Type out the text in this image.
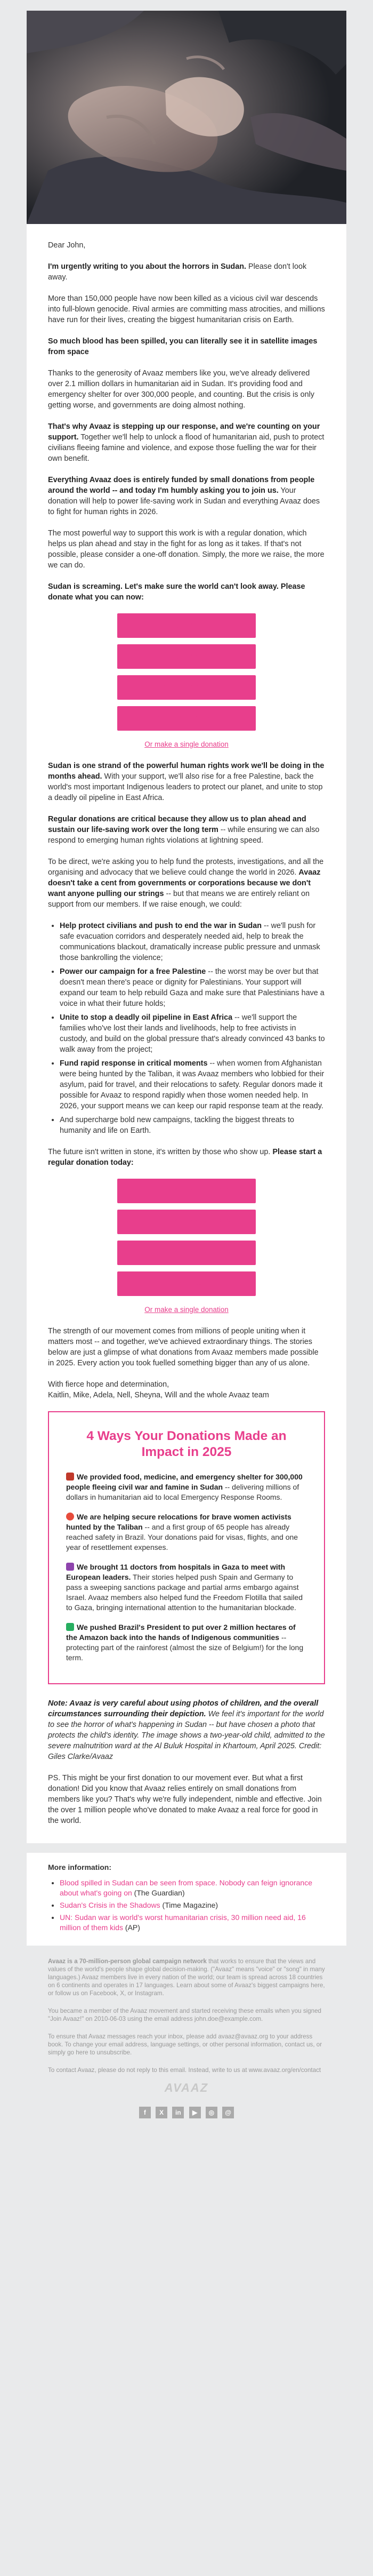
Dear John,

I'm urgently writing to you about the horrors in Sudan. Please don't look away.

More than 150,000 people have now been killed as a vicious civil war descends into full-blown genocide. Rival armies are committing mass atrocities, and millions have run for their lives, creating the biggest humanitarian crisis on Earth.

So much blood has been spilled, you can literally see it in satellite images from space

Thanks to the generosity of Avaaz members like you, we've already delivered over 2.1 million dollars in humanitarian aid in Sudan. It's providing food and emergency shelter for over 300,000 people, and counting. But the crisis is only getting worse, and governments are doing almost nothing.

That's why Avaaz is stepping up our response, and we're counting on your support. Together we'll help to unlock a flood of humanitarian aid, push to protect civilians fleeing famine and violence, and expose those fuelling the war for their own benefit.

Everything Avaaz does is entirely funded by small donations from people around the world -- and today I'm humbly asking you to join us. Your donation will help to power life-saving work in Sudan and everything Avaaz does to fight for human rights in 2026.

The most powerful way to support this work is with a regular donation, which helps us plan ahead and stay in the fight for as long as it takes. If that's not possible, please consider a one-off donation. Simply, the more we raise, the more we can do.

Sudan is screaming. Let's make sure the world can't look away. Please donate what you can now:

I'LL DONATE $1 WEEKLY
I'LL DONATE $2 WEEKLY
I'LL DONATE $3 WEEKLY
OTHER AMOUNT
Or make a single donation

Sudan is one strand of the powerful human rights work we'll be doing in the months ahead. With your support, we'll also rise for a free Palestine, back the world's most important Indigenous leaders to protect our planet, and unite to stop a deadly oil pipeline in East Africa.

Regular donations are critical because they allow us to plan ahead and sustain our life-saving work over the long term -- while ensuring we can also respond to emerging human rights violations at lightning speed.

To be direct, we're asking you to help fund the protests, investigations, and all the organising and advocacy that we believe could change the world in 2026. Avaaz doesn't take a cent from governments or corporations because we don't want anyone pulling our strings -- but that means we are entirely reliant on support from our members. If we raise enough, we could:

• Help protect civilians and push to end the war in Sudan -- we'll push for safe evacuation corridors and desperately needed aid, help to break the communications blackout, dramatically increase public pressure and unmask those bankrolling the violence;
• Power our campaign for a free Palestine -- the worst may be over but that doesn't mean there's peace or dignity for Palestinians. Your support will expand our team to help rebuild Gaza and make sure that Palestinians have a voice in what their future holds;
• Unite to stop a deadly oil pipeline in East Africa -- we'll support the families who've lost their lands and livelihoods, help to free activists in custody, and build on the global pressure that's already convinced 43 banks to walk away from the project;
• Fund rapid response in critical moments -- when women from Afghanistan were being hunted by the Taliban, it was Avaaz members who lobbied for their asylum, paid for travel, and their relocations to safety. Regular donors made it possible for Avaaz to respond rapidly when those women needed help. In 2026, your support means we can keep our rapid response team at the ready.
• And supercharge bold new campaigns, tackling the biggest threats to humanity and life on Earth.

The future isn't written in stone, it's written by those who show up. Please start a regular donation today:

I'LL DONATE $1 WEEKLY
I'LL DONATE $2 WEEKLY
I'LL DONATE $3 WEEKLY
OTHER AMOUNT
Or make a single donation

The strength of our movement comes from millions of people uniting when it matters most -- and together, we've achieved extraordinary things. The stories below are just a glimpse of what donations from Avaaz members made possible in 2025. Every action you took fuelled something bigger than any of us alone.

With fierce hope and determination,
Kaitlin, Mike, Adela, Nell, Sheyna, Will and the whole Avaaz team

4 Ways Your Donations Made an Impact in 2025
We provided food, medicine, and emergency shelter for 300,000 people fleeing civil war and famine in Sudan -- delivering millions of dollars in humanitarian aid to local Emergency Response Rooms.
We are helping secure relocations for brave women activists hunted by the Taliban -- and a first group of 65 people has already reached safety in Brazil. Your donations paid for visas, flights, and one year of resettlement expenses.
We brought 11 doctors from hospitals in Gaza to meet with European leaders. Their stories helped push Spain and Germany to pass a sweeping sanctions package and partial arms embargo against Israel. Avaaz members also helped fund the Freedom Flotilla that sailed to Gaza, bringing international attention to the humanitarian blockade.
We pushed Brazil's President to put over 2 million hectares of the Amazon back into the hands of Indigenous communities -- protecting part of the rainforest (almost the size of Belgium!) for the long term.

Note: Avaaz is very careful about using photos of children, and the overall circumstances surrounding their depiction. We feel it's important for the world to see the horror of what's happening in Sudan -- but have chosen a photo that protects the child's identity. The image shows a two-year-old child, admitted to the severe malnutrition ward at the Al Buluk Hospital in Khartoum, April 2025. Credit: Giles Clarke/Avaaz

PS. This might be your first donation to our movement ever. But what a first donation! Did you know that Avaaz relies entirely on small donations from members like you? That's why we're fully independent, nimble and effective. Join the over 1 million people who've donated to make Avaaz a real force for good in the world.

More information:

• Blood spilled in Sudan can be seen from space. Nobody can feign ignorance about what's going on (The Guardian)
• Sudan's Crisis in the Shadows (Time Magazine)
• UN: Sudan war is world's worst humanitarian crisis, 30 million need aid, 16 million of them kids (AP)

Avaaz is a 70-million-person global campaign network that works to ensure that the views and values of the world's people shape global decision-making. ("Avaaz" means "voice" or "song" in many languages.) Avaaz members live in every nation of the world; our team is spread across 18 countries on 6 continents and operates in 17 languages. Learn about some of Avaaz's biggest campaigns here, or follow us on Facebook, X, or Instagram.

You became a member of the Avaaz movement and started receiving these emails when you signed "Join Avaaz!" on 2010-06-03 using the email address john.doe@example.com.

To ensure that Avaaz messages reach your inbox, please add avaaz@avaaz.org to your address book. To change your email address, language settings, or other personal information, contact us, or simply go here to unsubscribe.

To contact Avaaz, please do not reply to this email. Instead, write to us at www.avaaz.org/en/contact

AVAAZ
f X in ▶ ◎ @
